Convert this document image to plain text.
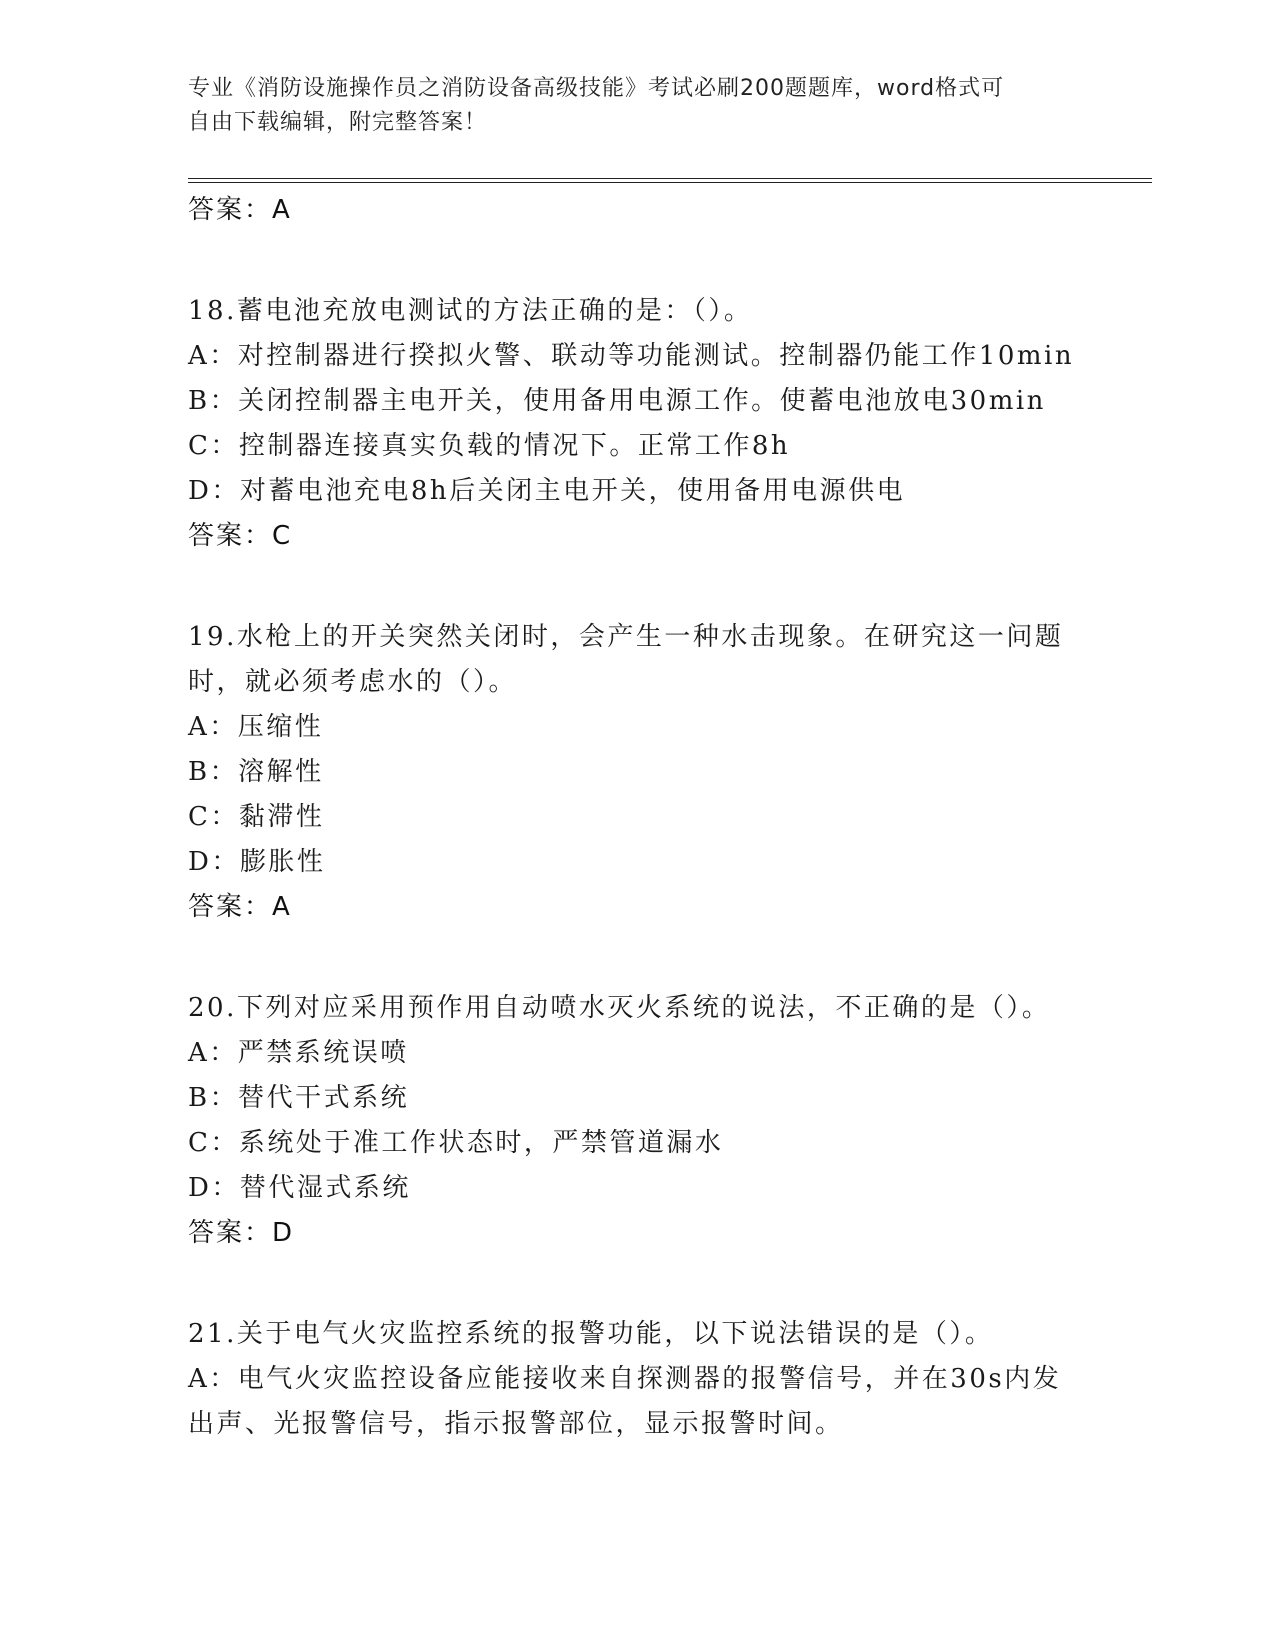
专业《消防设施操作员之消防设备高级技能》考试必刷200题题库，word格式可
自由下载编辑，附完整答案！
答案：A
18.蓄电池充放电测试的方法正确的是：（）。
A：对控制器进行揆拟火警、联动等功能测试。控制器仍能工作10min
B：关闭控制器主电开关，使用备用电源工作。使蓄电池放电30min
C：控制器连接真实负载的情况下。正常工作8h
D：对蓄电池充电8h后关闭主电开关，使用备用电源供电
答案：C
19.水枪上的开关突然关闭时，会产生一种水击现象。在研究这一问题
时，就必须考虑水的（）。
A：压缩性
B：溶解性
C：黏滞性
D：膨胀性
答案：A
20.下列对应采用预作用自动喷水灭火系统的说法，不正确的是（）。
A：严禁系统误喷
B：替代干式系统
C：系统处于准工作状态时，严禁管道漏水
D：替代湿式系统
答案：D
21.关于电气火灾监控系统的报警功能，以下说法错误的是（）。
A：电气火灾监控设备应能接收来自探测器的报警信号，并在30s内发
出声、光报警信号，指示报警部位，显示报警时间。
